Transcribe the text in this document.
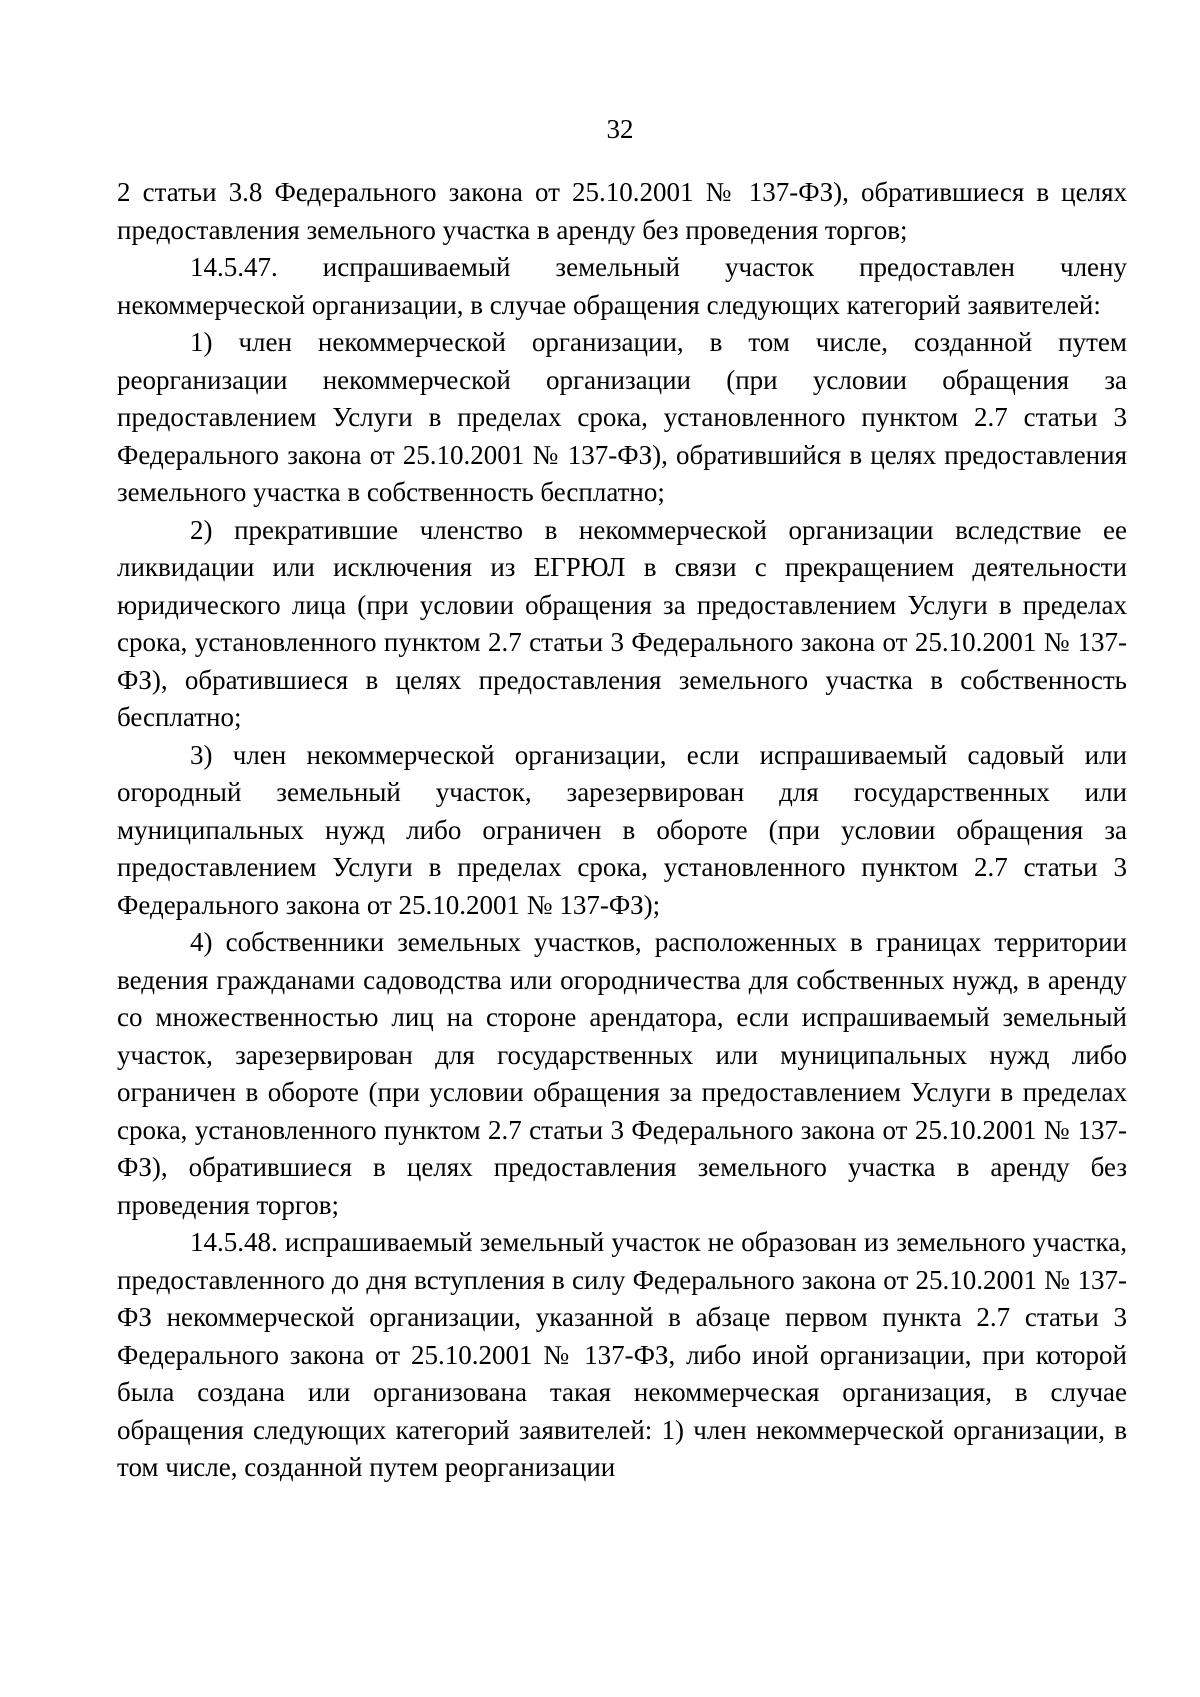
32

2 статьи 3.8 Федерального закона от 25.10.2001 № 137-ФЗ), обратившиеся в целях предоставления земельного участка в аренду без проведения торгов;

14.5.47. испрашиваемый земельный участок предоставлен члену некоммерческой организации, в случае обращения следующих категорий заявителей:

1) член некоммерческой организации, в том числе, созданной путем реорганизации некоммерческой организации (при условии обращения за предоставлением Услуги в пределах срока, установленного пунктом 2.7 статьи 3 Федерального закона от 25.10.2001 № 137-ФЗ), обратившийся в целях предоставления земельного участка в собственность бесплатно;

2) прекратившие членство в некоммерческой организации вследствие ее ликвидации или исключения из ЕГРЮЛ в связи с прекращением деятельности юридического лица (при условии обращения за предоставлением Услуги в пределах срока, установленного пунктом 2.7 статьи 3 Федерального закона от 25.10.2001 № 137-ФЗ), обратившиеся в целях предоставления земельного участка в собственность бесплатно;

3) член некоммерческой организации, если испрашиваемый садовый или огородный земельный участок, зарезервирован для государственных или муниципальных нужд либо ограничен в обороте (при условии обращения за предоставлением Услуги в пределах срока, установленного пунктом 2.7 статьи 3 Федерального закона от 25.10.2001 № 137-ФЗ);

4) собственники земельных участков, расположенных в границах территории ведения гражданами садоводства или огородничества для собственных нужд, в аренду со множественностью лиц на стороне арендатора, если испрашиваемый земельный участок, зарезервирован для государственных или муниципальных нужд либо ограничен в обороте (при условии обращения за предоставлением Услуги в пределах срока, установленного пунктом 2.7 статьи 3 Федерального закона от 25.10.2001 № 137-ФЗ), обратившиеся в целях предоставления земельного участка в аренду без проведения торгов;

14.5.48. испрашиваемый земельный участок не образован из земельного участка, предоставленного до дня вступления в силу Федерального закона от 25.10.2001 № 137-ФЗ некоммерческой организации, указанной в абзаце первом пункта 2.7 статьи 3 Федерального закона от 25.10.2001 № 137-ФЗ, либо иной организации, при которой была создана или организована такая некоммерческая организация, в случае обращения следующих категорий заявителей: 1) член некоммерческой организации, в том числе, созданной путем реорганизации
